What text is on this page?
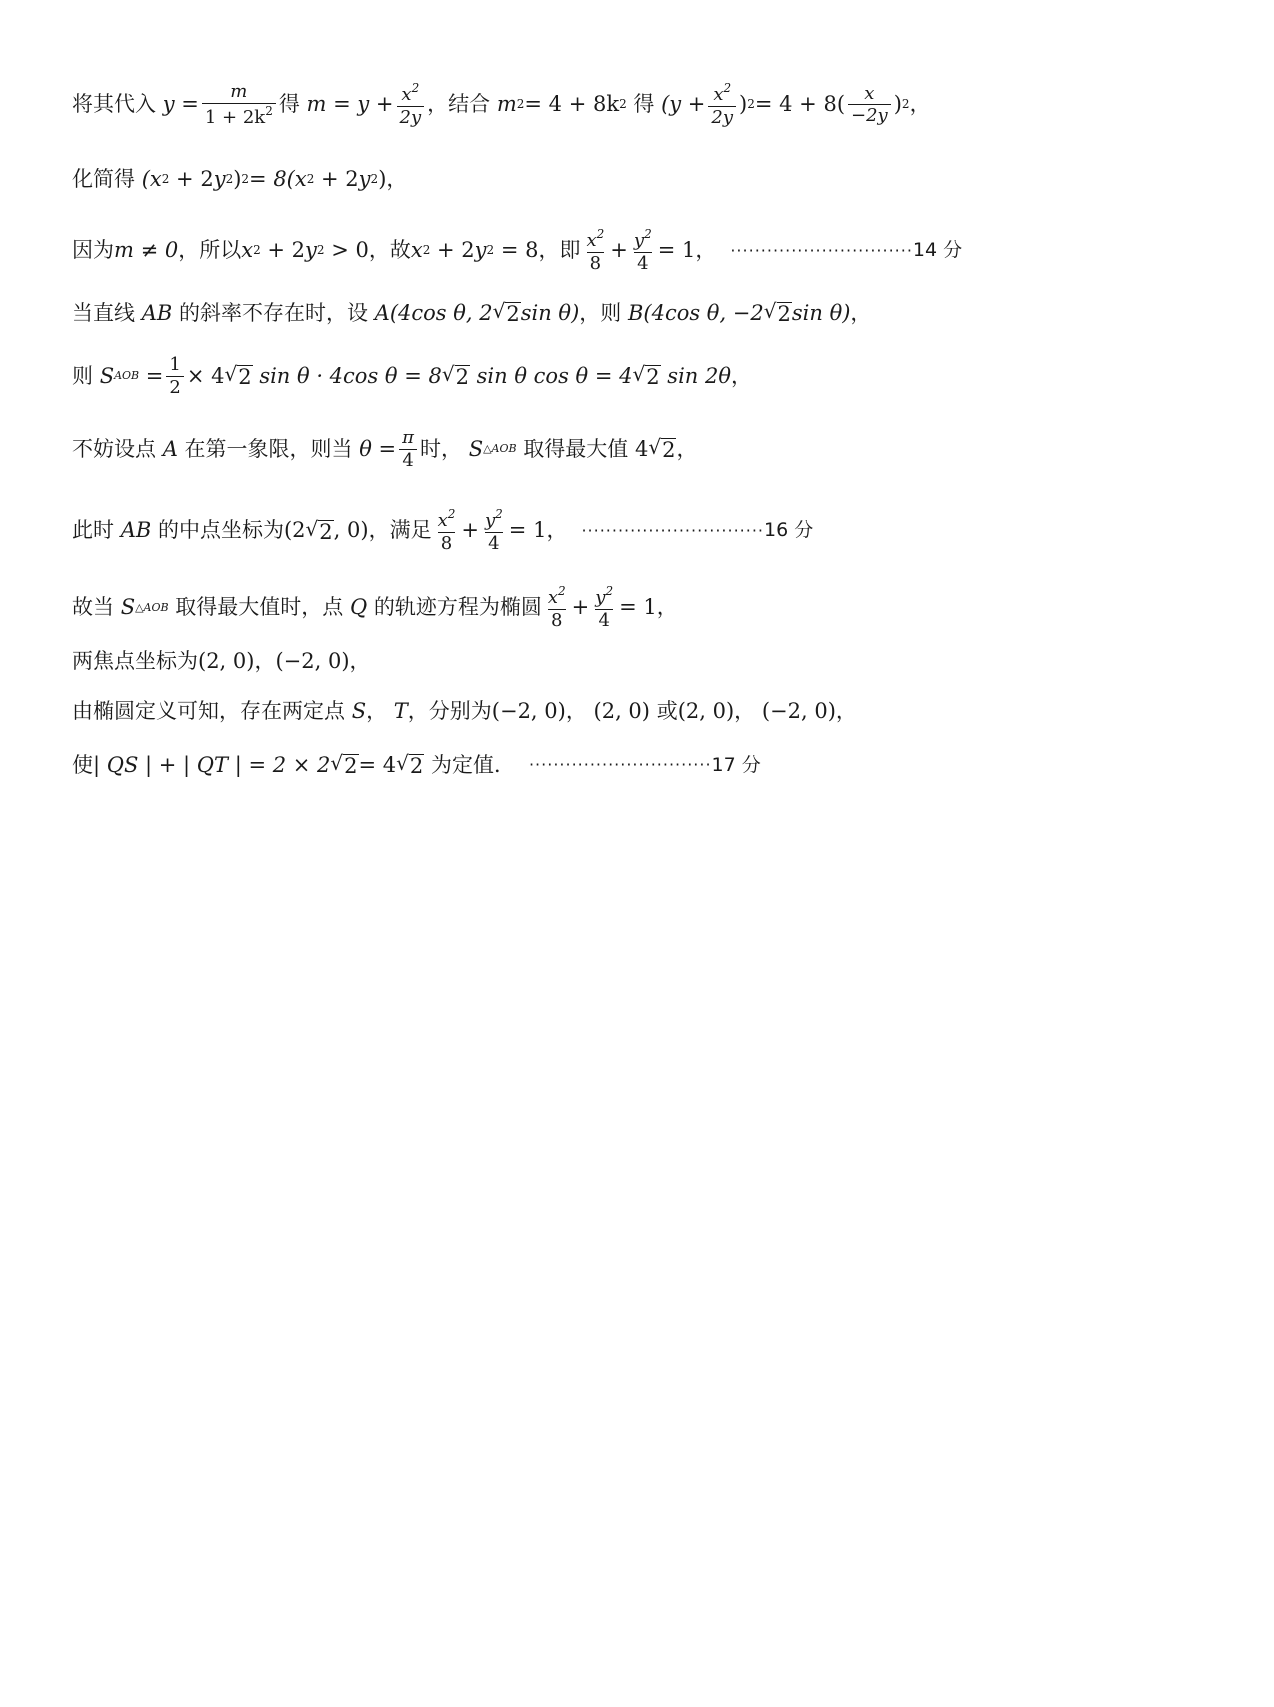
将其代入
$y = \frac{m}{1 + 2k^2}$ 得
$m = y + \frac{x^2}{2y}$ ，结合
m 2 = 4 + 8k 2
得
($y + \frac{x^2}{2y}$ ) $2 = 4 + 8( \frac{x}{-2y}$ ) 2 ，
化简得
(x 2 + 2 y 2 ) 2 = 8(x 2 + 2 y 2 ) ，
因为 m ≠ 0 ，所以 x 2 + 2 y 2 > 0 ，故 x 2 + 2 y 2 = 8 ，即 $\frac{x^2}{8} + \frac{y^2}{4} = 1$ ， ······························ 14 分
当直线
AB
的斜率不存在时，设
A(4cos θ, 2 √ 2 sin θ) ，则
B(4cos θ, −2 √ 2 sin θ) ，
则
S AOB = $\frac{1}{2} \times 4$ √ 2
sin θ · 4cos θ = 8 √ 2
sin θ cos θ = 4 √ 2
sin 2θ ，
不妨设点
A
在第一象限，则当
$\theta = \frac{\pi}{4}$ 时，
S △AOB
取得最大值
4 √ 2 ，
此时
AB
的中点坐标为 (2 √ 2 , 0) ，满足 $\frac{x^2}{8} + \frac{y^2}{4} = 1$ ， ······························ 16 分
故当
S △AOB
取得最大值时，点
Q
的轨迹方程为椭圆 $\frac{x^2}{8} + \frac{y^2}{4} = 1$ ，
两焦点坐标为 (2, 0) ， (−2, 0) ，
由椭圆定义可知，存在两定点
S ，
T ，分别为 (−2, 0) ，
(2, 0)
或 (2, 0) ，
(−2, 0) ，
使 | QS | + | QT | = 2 × 2 √ 2 = 4 √ 2
为定值． ······························ 17 分
